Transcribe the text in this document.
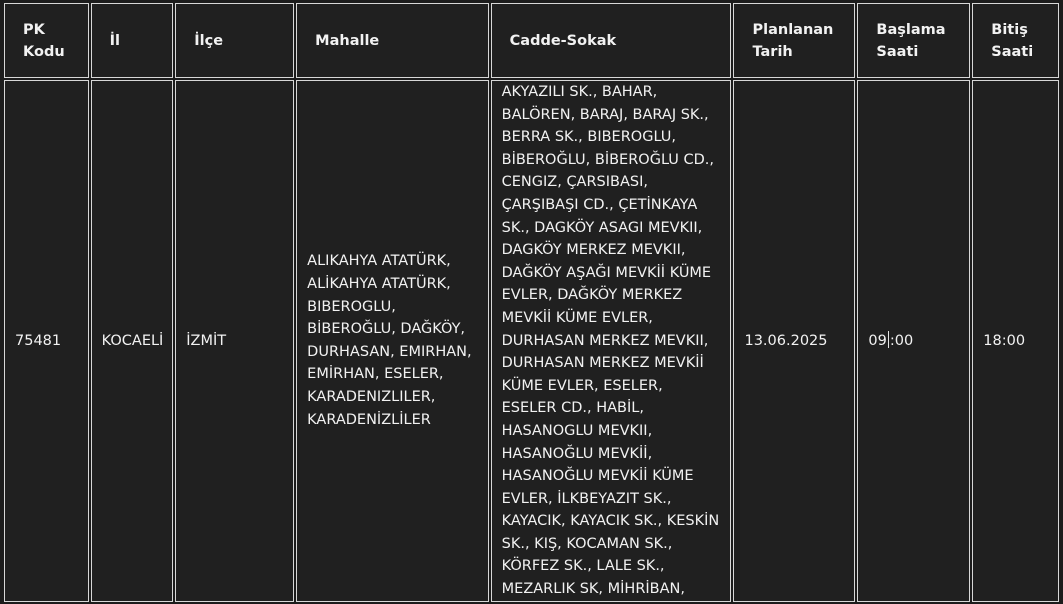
PK Kodu	İl	İlçe	Mahalle	Cadde-Sokak	Planlanan Tarih	Başlama Saati	Bitiş Saati
75481	KOCAELİ	İZMİT	ALIKAHYA ATATÜRK, ALİKAHYA ATATÜRK, BIBEROGLU, BİBEROĞLU, DAĞKÖY, DURHASAN, EMIRHAN, EMİRHAN, ESELER, KARADENIZLILER, KARADENİZLİLER	AKYAZILI SK., BAHAR, BALÖREN, BARAJ, BARAJ SK., BERRA SK., BIBEROGLU, BİBEROĞLU, BİBEROĞLU CD., CENGIZ, ÇARSIBASI, ÇARŞIBAŞI CD., ÇETİNKAYA SK., DAGKÖY ASAGI MEVKII, DAGKÖY MERKEZ MEVKII, DAĞKÖY AŞAĞI MEVKİİ KÜME EVLER, DAĞKÖY MERKEZ MEVKİİ KÜME EVLER, DURHASAN MERKEZ MEVKII, DURHASAN MERKEZ MEVKİİ KÜME EVLER, ESELER, ESELER CD., HABİL, HASANOGLU MEVKII, HASANOĞLU MEVKİİ, HASANOĞLU MEVKİİ KÜME EVLER, İLKBEYAZIT SK., KAYACIK, KAYACIK SK., KESKİN SK., KIŞ, KOCAMAN SK., KÖRFEZ SK., LALE SK., MEZARLIK SK, MİHRİBAN,	13.06.2025	09 :00	18:00
